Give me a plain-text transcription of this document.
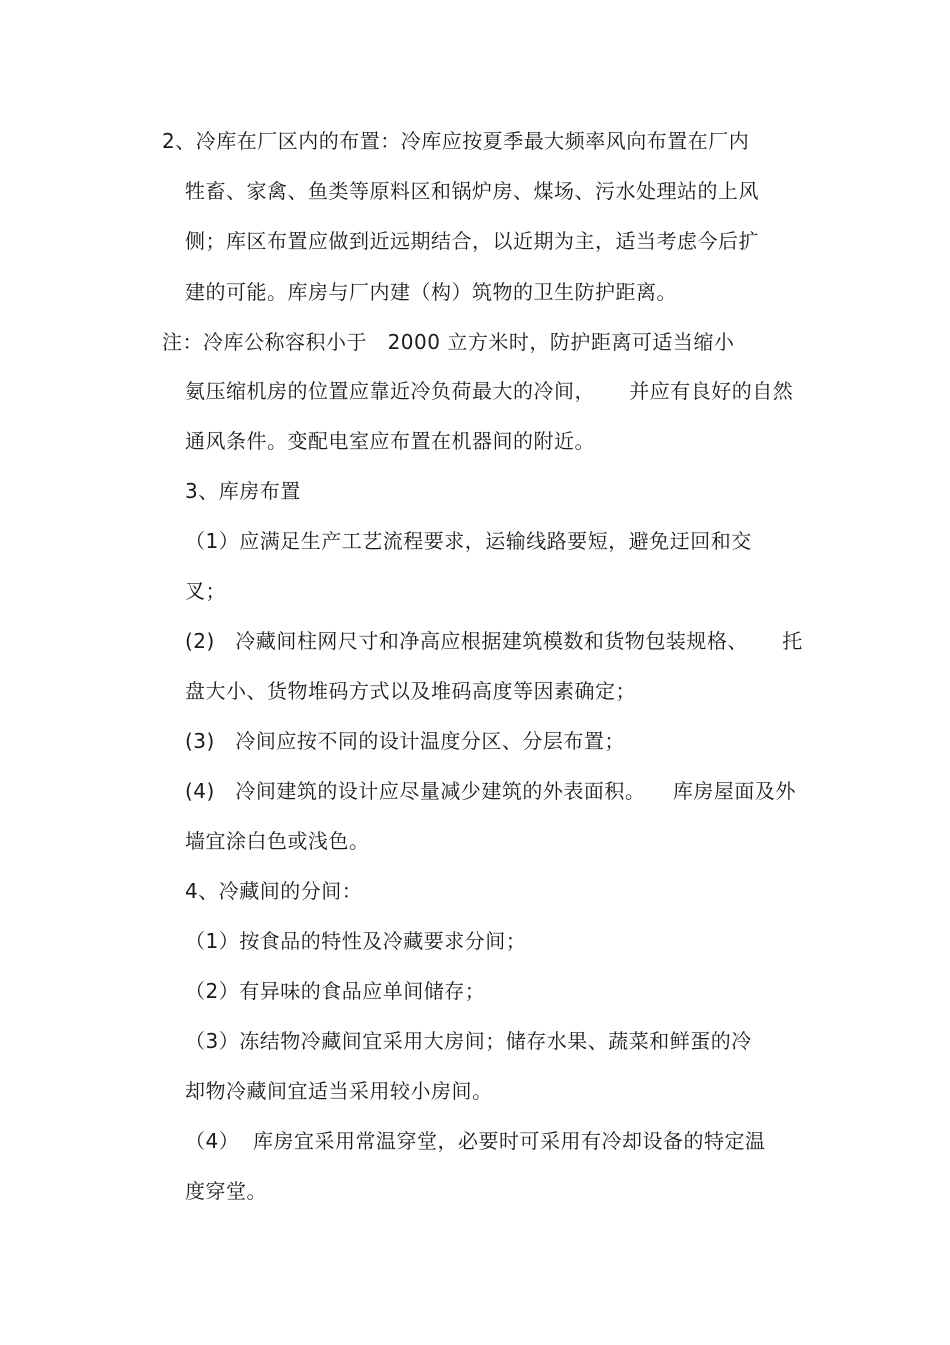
2、冷库在厂区内的布置：冷库应按夏季最大频率风向布置在厂内
牲畜、家禽、鱼类等原料区和锅炉房、煤场、污水处理站的上风
侧；库区布置应做到近远期结合，以近期为主，适当考虑今后扩
建的可能。库房与厂内建（构）筑物的卫生防护距离。
注：冷库公称容积小于   2000 立方米时，防护距离可适当缩小
氨压缩机房的位置应靠近冷负荷最大的冷间，     并应有良好的自然
通风条件。变配电室应布置在机器间的附近。
3、库房布置
（1）应满足生产工艺流程要求，运输线路要短，避免迂回和交
叉；
(2)   冷藏间柱网尺寸和净高应根据建筑模数和货物包装规格、     托
盘大小、货物堆码方式以及堆码高度等因素确定；
(3)   冷间应按不同的设计温度分区、分层布置；
(4)   冷间建筑的设计应尽量减少建筑的外表面积。    库房屋面及外
墙宜涂白色或浅色。
4、冷藏间的分间：
（1）按食品的特性及冷藏要求分间；
（2）有异味的食品应单间储存；
（3）冻结物冷藏间宜采用大房间；储存水果、蔬菜和鲜蛋的冷
却物冷藏间宜适当采用较小房间。
（4）  库房宜采用常温穿堂，必要时可采用有冷却设备的特定温
度穿堂。
